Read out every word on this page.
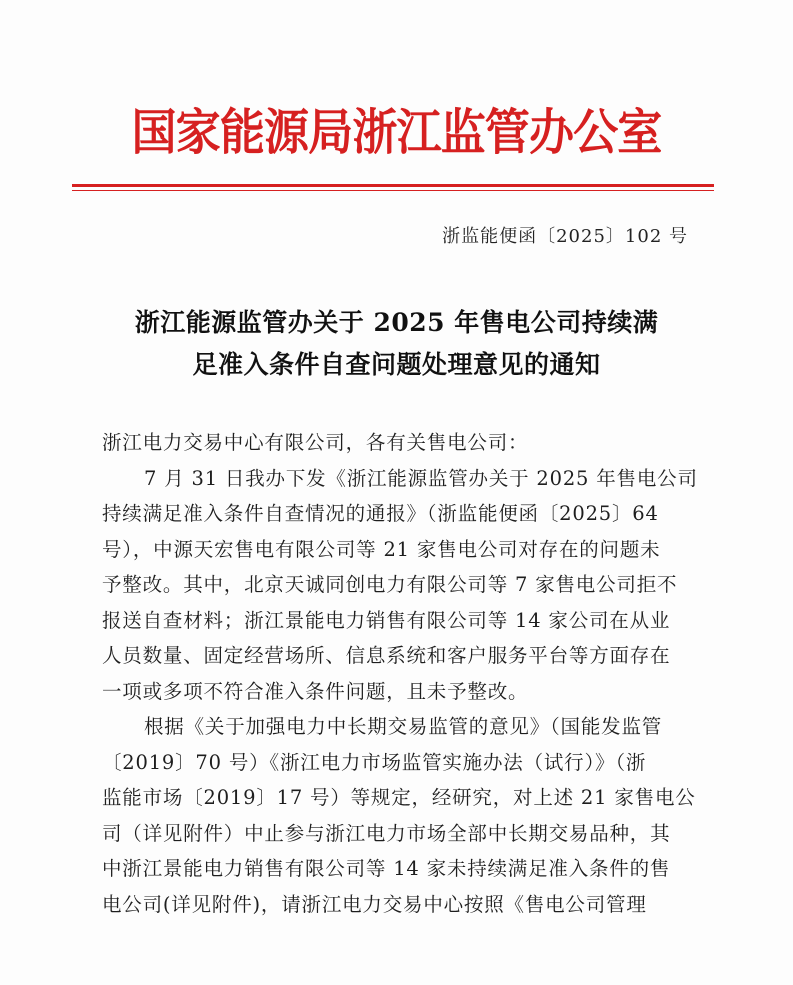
国家能源局浙江监管办公室
浙监能便函〔2025〕102 号
浙江能源监管办关于 2025 年售电公司持续满
足准入条件自查问题处理意见的通知
浙江电力交易中心有限公司，各有关售电公司：
7 月 31 日我办下发《浙江能源监管办关于 2025 年售电公司
持续满足准入条件自查情况的通报》（浙监能便函〔2025〕64
号），中源天宏售电有限公司等 21 家售电公司对存在的问题未
予整改。其中，北京天诚同创电力有限公司等 7 家售电公司拒不
报送自查材料；浙江景能电力销售有限公司等 14 家公司在从业
人员数量、固定经营场所、信息系统和客户服务平台等方面存在
一项或多项不符合准入条件问题，且未予整改。
根据《关于加强电力中长期交易监管的意见》（国能发监管
〔2019〕70 号）《浙江电力市场监管实施办法（试行）》（浙
监能市场〔2019〕17 号）等规定，经研究，对上述 21 家售电公
司（详见附件）中止参与浙江电力市场全部中长期交易品种，其
中浙江景能电力销售有限公司等 14 家未持续满足准入条件的售
电公司(详见附件)，请浙江电力交易中心按照《售电公司管理
